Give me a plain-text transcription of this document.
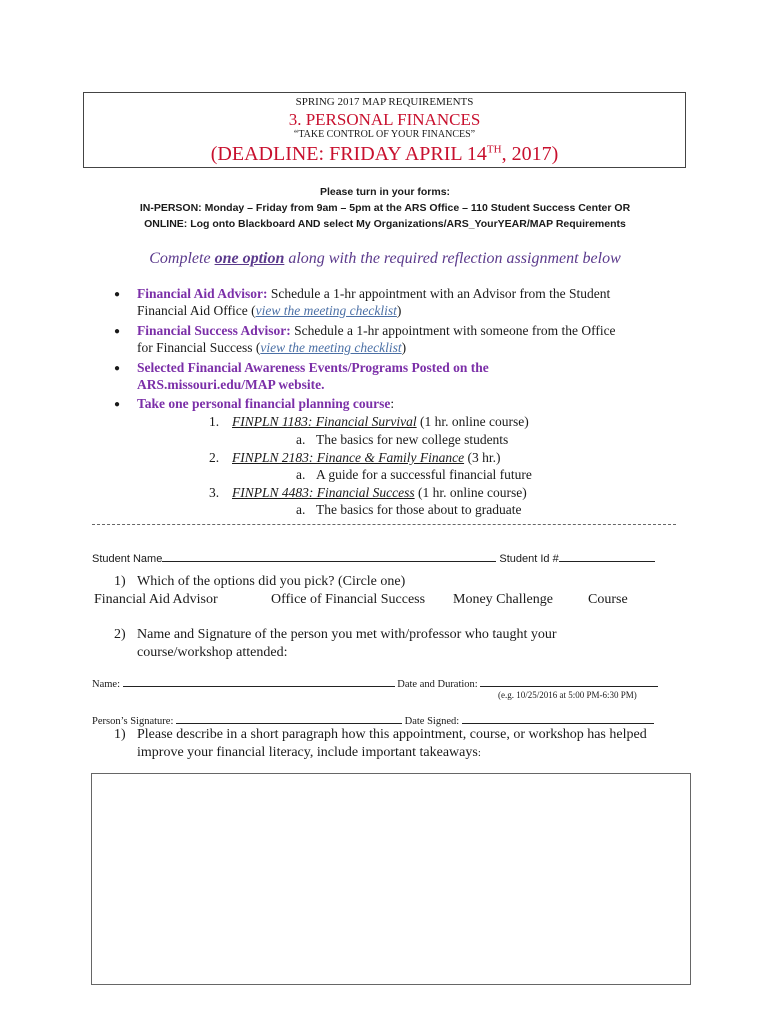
SPRING 2017 MAP REQUIREMENTS
3. PERSONAL FINANCES
“TAKE CONTROL OF YOUR FINANCES”
(DEADLINE: FRIDAY APRIL 14TH, 2017)
Please turn in your forms:
IN-PERSON: Monday – Friday from 9am – 5pm at the ARS Office – 110 Student Success Center OR
ONLINE: Log onto Blackboard AND select My Organizations/ARS_YourYEAR/MAP Requirements
Complete one option along with the required reflection assignment below
● Financial Aid Advisor: Schedule a 1-hr appointment with an Advisor from the Student
Financial Aid Office (view the meeting checklist)
● Financial Success Advisor: Schedule a 1-hr appointment with someone from the Office
for Financial Success (view the meeting checklist)
● Selected Financial Awareness Events/Programs Posted on the
ARS.missouri.edu/MAP website.
● Take one personal financial planning course:
1. FINPLN 1183: Financial Survival (1 hr. online course)
a. The basics for new college students
2. FINPLN 2183: Finance & Family Finance (3 hr.)
a. A guide for a successful financial future
3. FINPLN 4483: Financial Success (1 hr. online course)
a. The basics for those about to graduate
Student Name	Student Id #
1) Which of the options did you pick? (Circle one)
Financial Aid Advisor	Office of Financial Success Money Challenge	Course
2) Name and Signature of the person you met with/professor who taught your
course/workshop attended:
Name:	Date and Duration:
(e.g. 10/25/2016 at 5:00 PM-6:30 PM)
Person’s Signature:	Date Signed:
1) Please describe in a short paragraph how this appointment, course, or workshop has helped
improve your financial literacy, include important takeaways:
